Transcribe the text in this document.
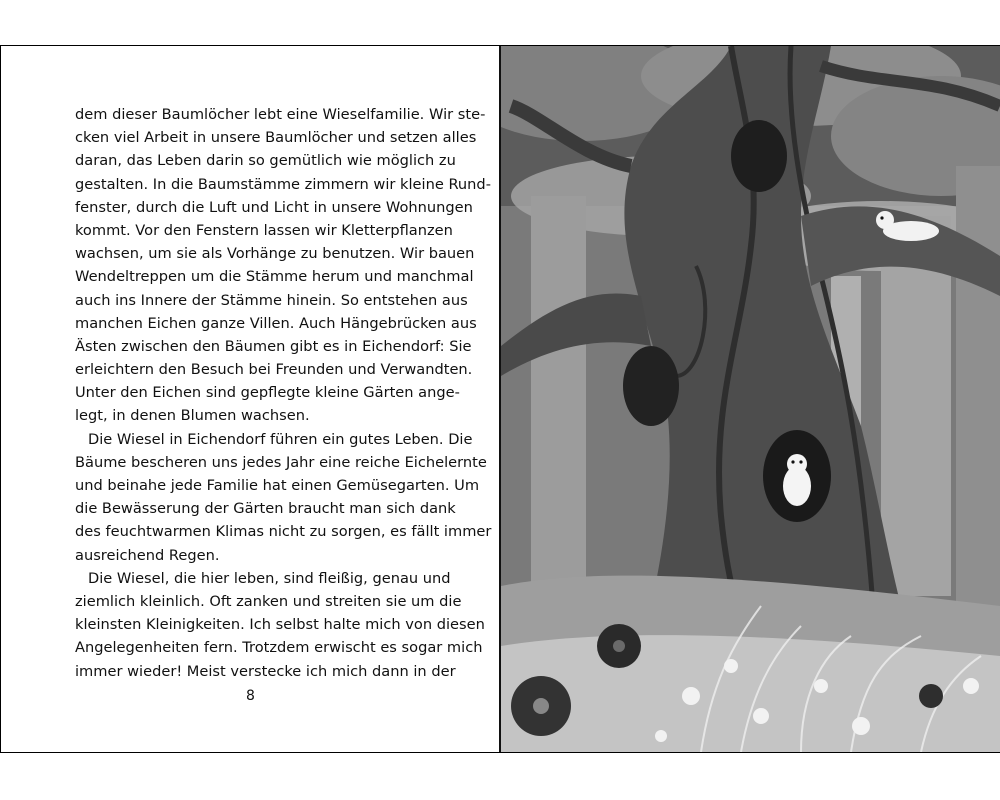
dem dieser Baumlöcher lebt eine Wieselfamilie. Wir ste-
cken viel Arbeit in unsere Baumlöcher und setzen alles
daran, das Leben darin so gemütlich wie möglich zu
gestalten. In die Baumstämme zimmern wir kleine Rund-
fenster, durch die Luft und Licht in unsere Wohnungen
kommt. Vor den Fenstern lassen wir Kletterpflanzen
wachsen, um sie als Vorhänge zu benutzen. Wir bauen
Wendeltreppen um die Stämme herum und manchmal
auch ins Innere der Stämme hinein. So entstehen aus
manchen Eichen ganze Villen. Auch Hängebrücken aus
Ästen zwischen den Bäumen gibt es in Eichendorf: Sie
erleichtern den Besuch bei Freunden und Verwandten.
Unter den Eichen sind gepflegte kleine Gärten ange-
legt, in denen Blumen wachsen.
Die Wiesel in Eichendorf führen ein gutes Leben. Die
Bäume bescheren uns jedes Jahr eine reiche Eichelernte
und beinahe jede Familie hat einen Gemüsegarten. Um
die Bewässerung der Gärten braucht man sich dank
des feuchtwarmen Klimas nicht zu sorgen, es fällt immer
ausreichend Regen.
Die Wiesel, die hier leben, sind fleißig, genau und
ziemlich kleinlich. Oft zanken und streiten sie um die
kleinsten Kleinigkeiten. Ich selbst halte mich von diesen
Angelegenheiten fern. Trotzdem erwischt es sogar mich
immer wieder! Meist verstecke ich mich dann in der
8
